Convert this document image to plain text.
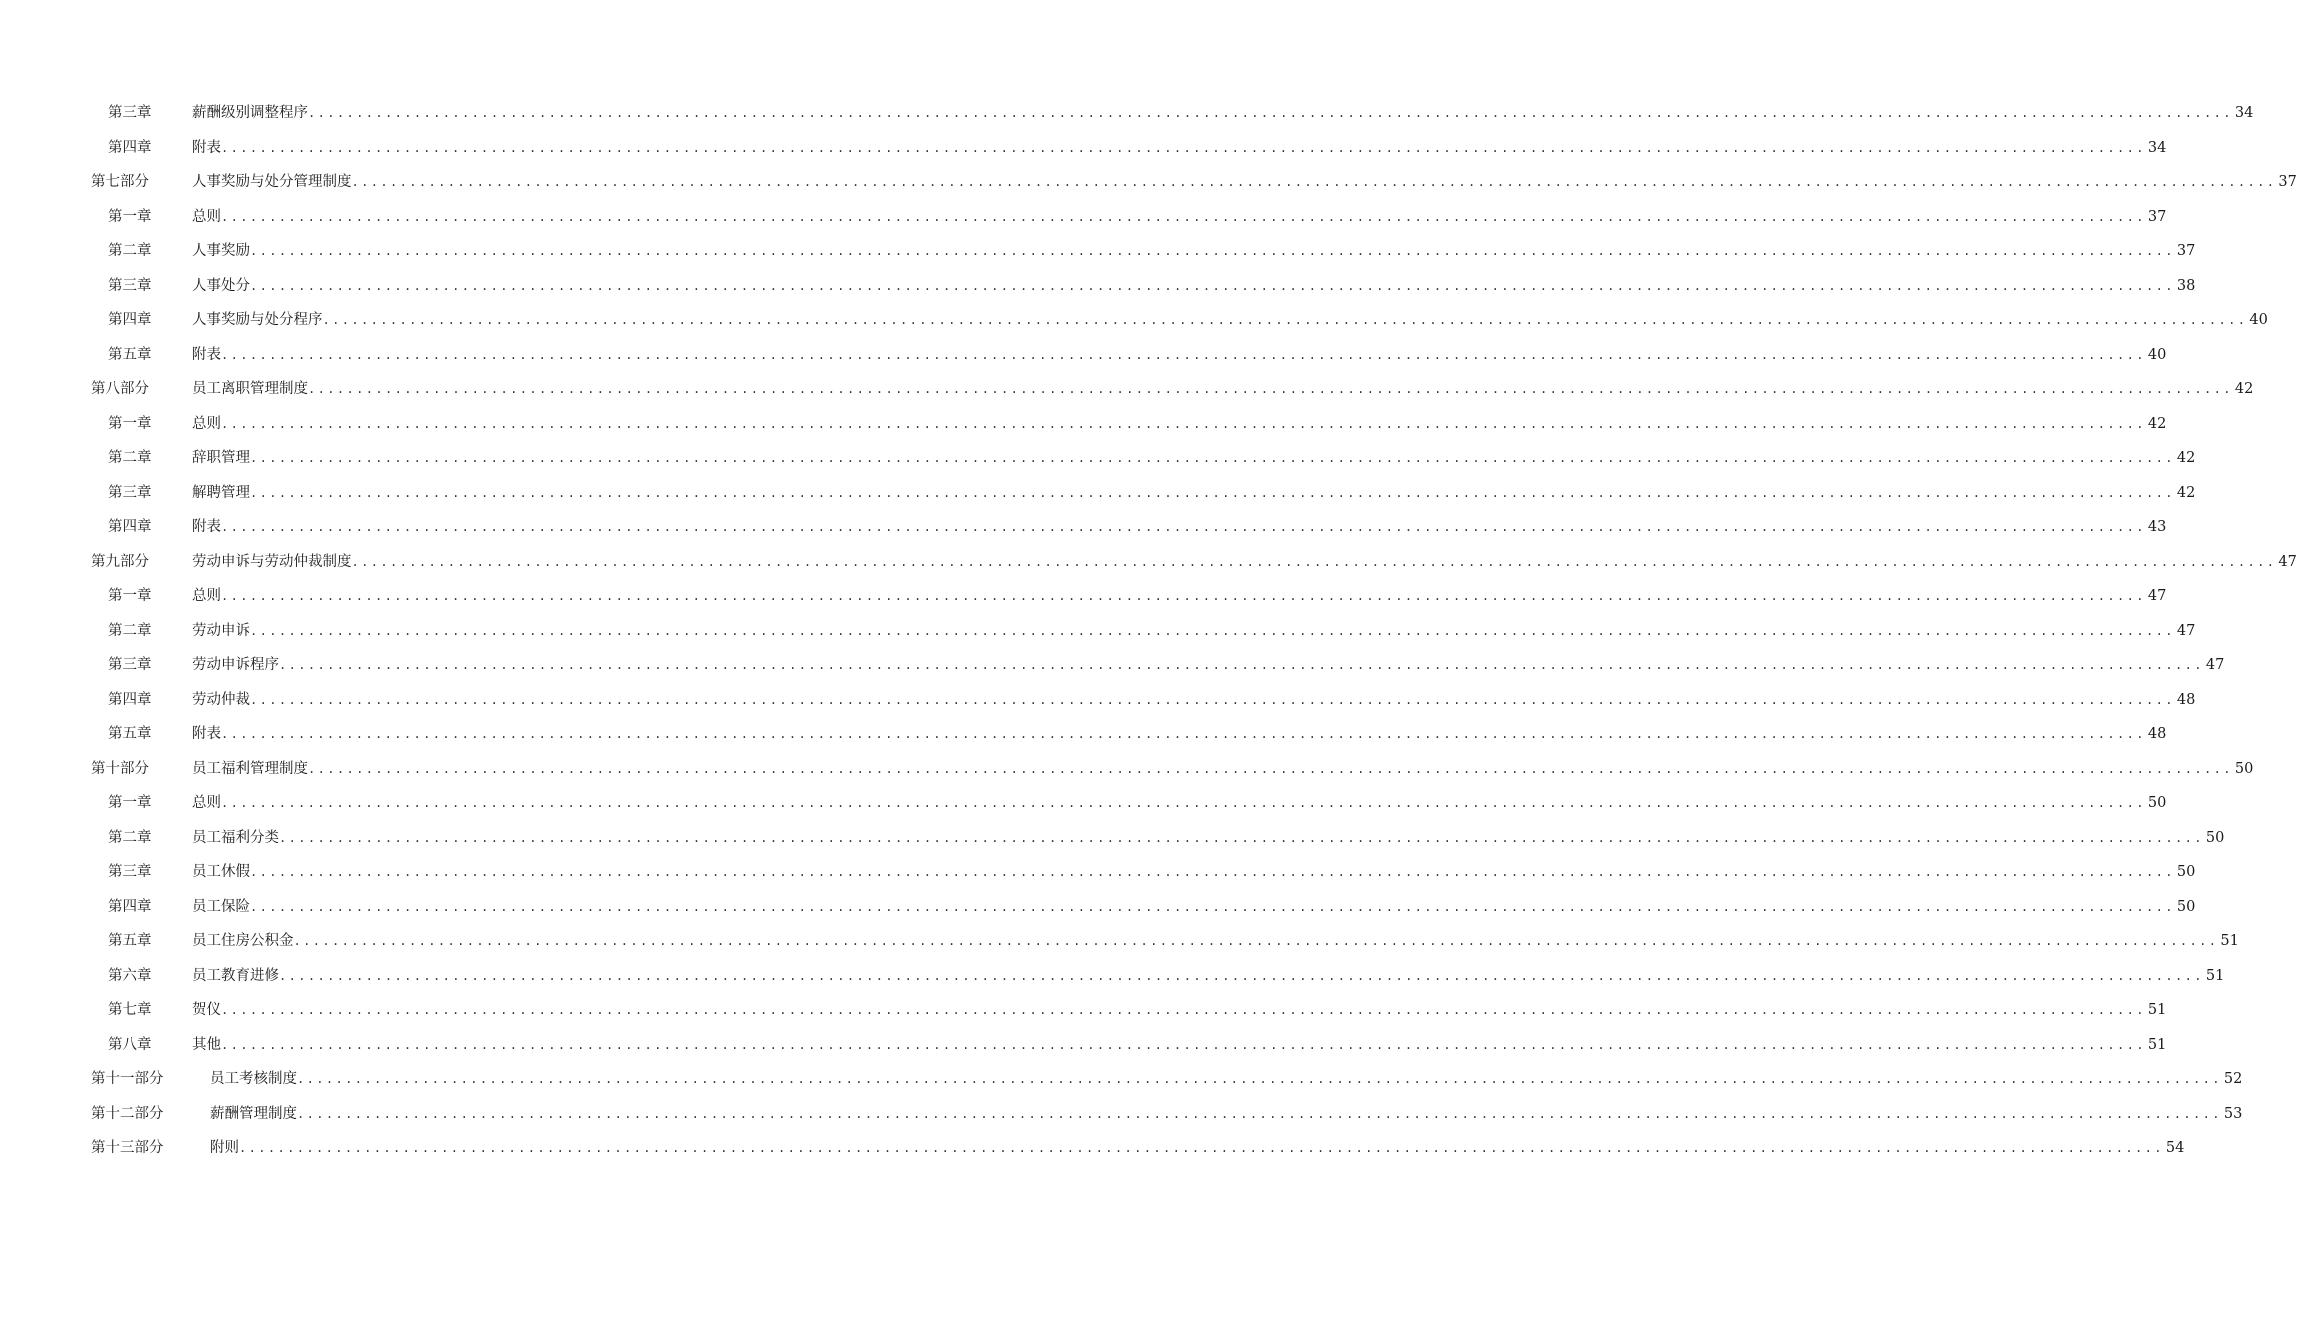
第三章	薪酬级别调整程序 ........................................................................................................................................................................................................ 34
第四章	附表 ........................................................................................................................................................................................................ 34
第七部分	人事奖励与处分管理制度 ........................................................................................................................................................................................................ 37
第一章	总则 ........................................................................................................................................................................................................ 37
第二章	人事奖励 ........................................................................................................................................................................................................ 37
第三章	人事处分 ........................................................................................................................................................................................................ 38
第四章	人事奖励与处分程序 ........................................................................................................................................................................................................ 40
第五章	附表 ........................................................................................................................................................................................................ 40
第八部分	员工离职管理制度 ........................................................................................................................................................................................................ 42
第一章	总则 ........................................................................................................................................................................................................ 42
第二章	辞职管理 ........................................................................................................................................................................................................ 42
第三章	解聘管理 ........................................................................................................................................................................................................ 42
第四章	附表 ........................................................................................................................................................................................................ 43
第九部分	劳动申诉与劳动仲裁制度 ........................................................................................................................................................................................................ 47
第一章	总则 ........................................................................................................................................................................................................ 47
第二章	劳动申诉 ........................................................................................................................................................................................................ 47
第三章	劳动申诉程序 ........................................................................................................................................................................................................ 47
第四章	劳动仲裁 ........................................................................................................................................................................................................ 48
第五章	附表 ........................................................................................................................................................................................................ 48
第十部分	员工福利管理制度 ........................................................................................................................................................................................................ 50
第一章	总则 ........................................................................................................................................................................................................ 50
第二章	员工福利分类 ........................................................................................................................................................................................................ 50
第三章	员工休假 ........................................................................................................................................................................................................ 50
第四章	员工保险 ........................................................................................................................................................................................................ 50
第五章	员工住房公积金 ........................................................................................................................................................................................................ 51
第六章	员工教育进修 ........................................................................................................................................................................................................ 51
第七章	贺仪 ........................................................................................................................................................................................................ 51
第八章	其他 ........................................................................................................................................................................................................ 51
第十一部分	员工考核制度 ........................................................................................................................................................................................................ 52
第十二部分	薪酬管理制度 ........................................................................................................................................................................................................ 53
第十三部分	附则 ........................................................................................................................................................................................................ 54
